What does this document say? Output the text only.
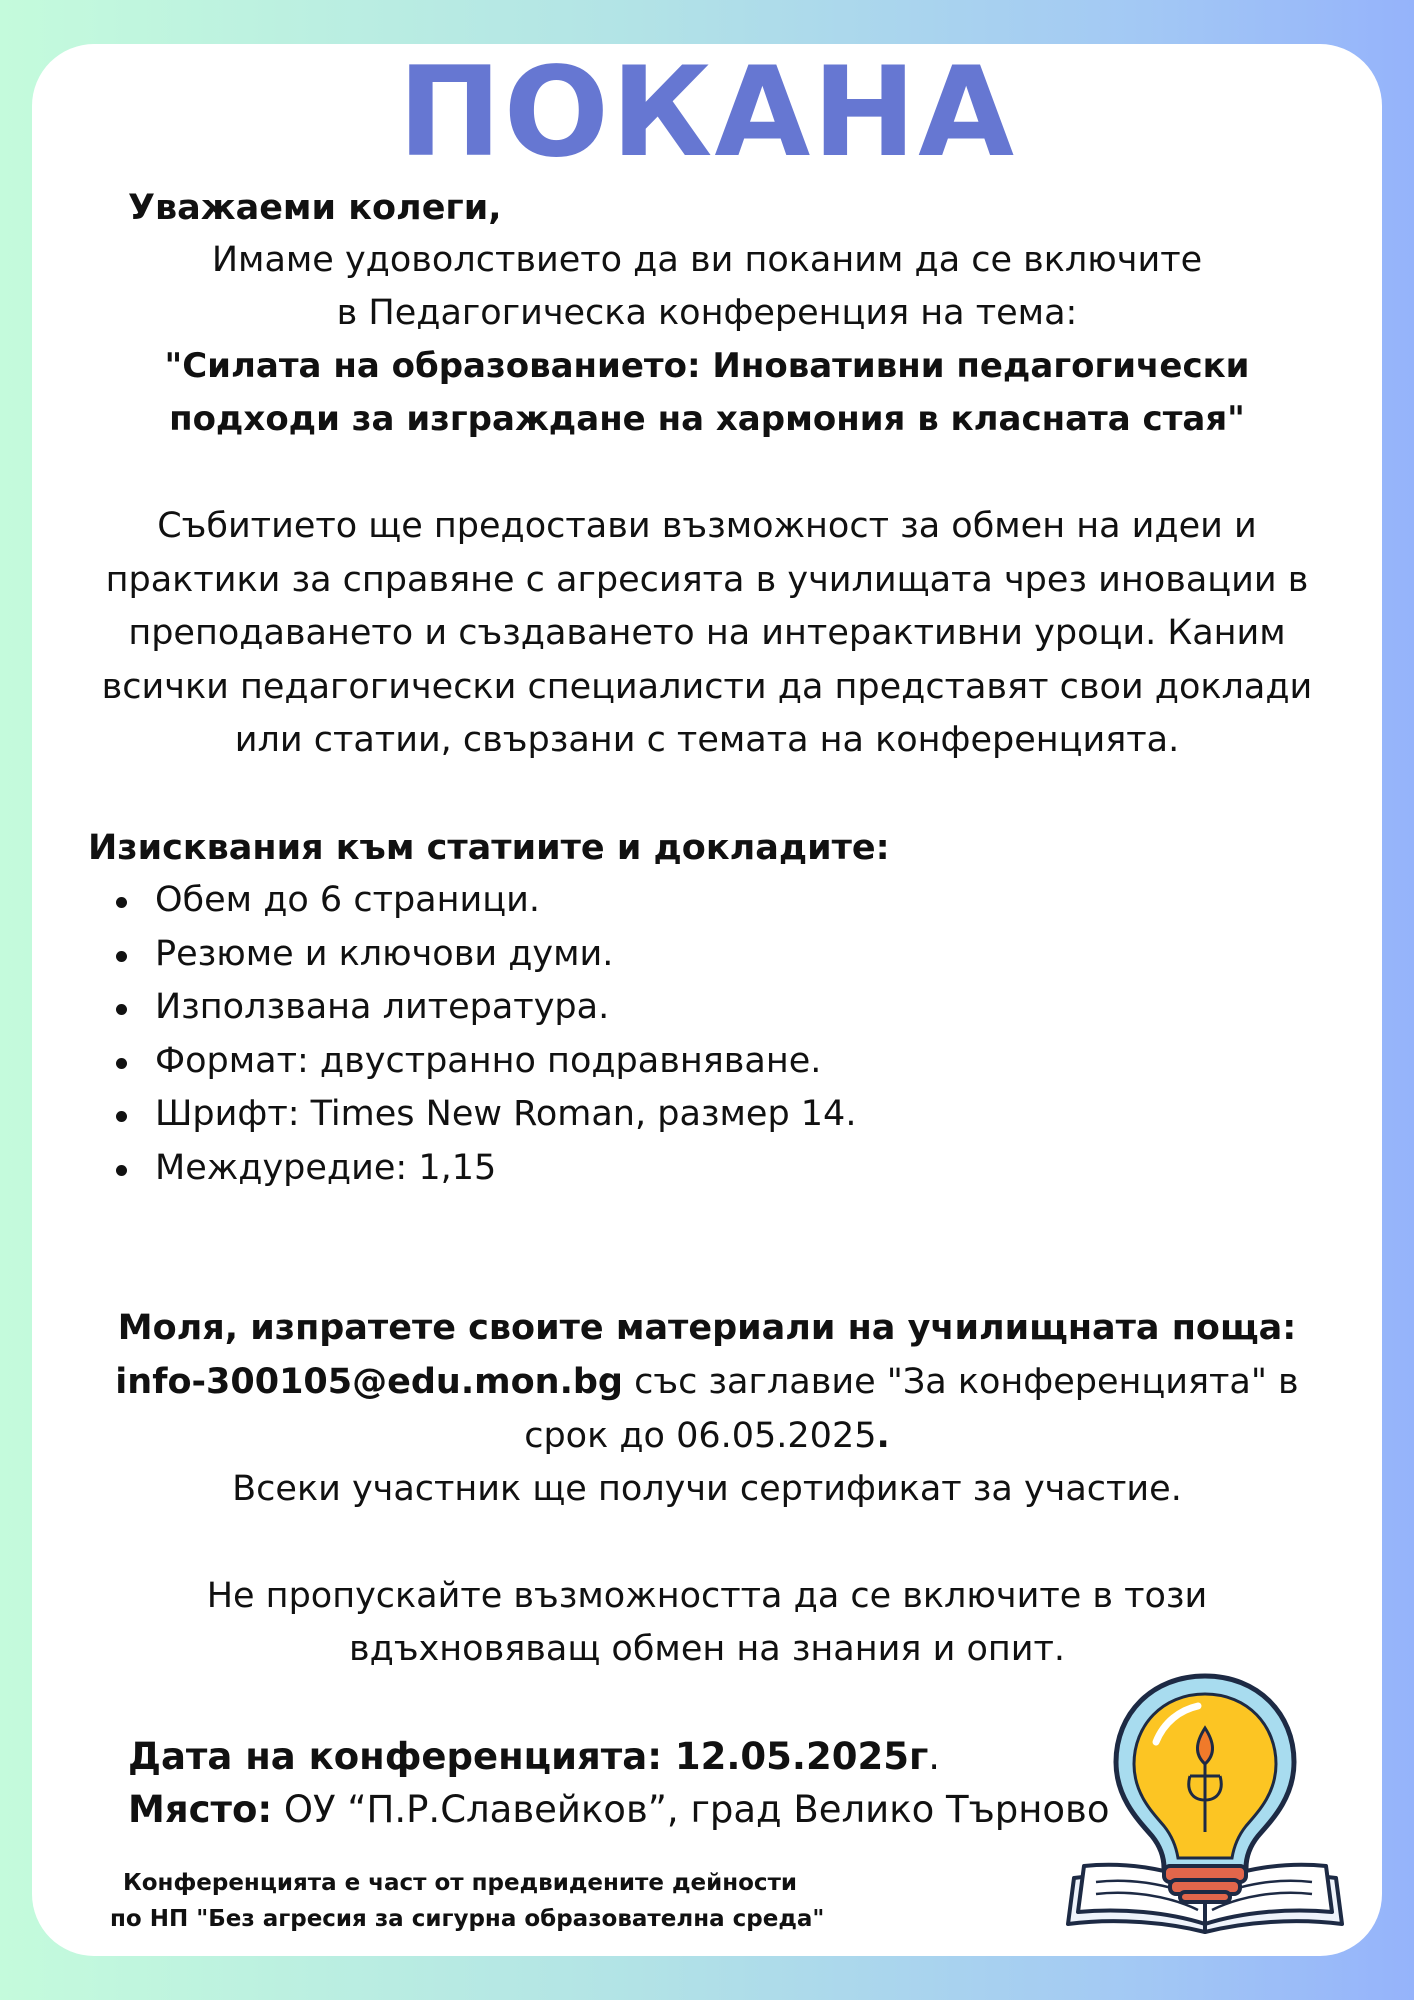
ПОКАНА
Уважаеми колеги,
Имаме удоволствието да ви поканим да се включите
в Педагогическа конференция на тема:
"Силата на образованието: Иновативни педагогически
подходи за изграждане на хармония в класната стая"
Събитието ще предостави възможност за обмен на идеи и
практики за справяне с агресията в училищата чрез иновации в
преподаването и създаването на интерактивни уроци. Каним
всички педагогически специалисти да представят свои доклади
или статии, свързани с темата на конференцията.
Изисквания към статиите и докладите:
Обем до 6 страници.
Резюме и ключови думи.
Използвана литература.
Формат: двустранно подравняване.
Шрифт: Times New Roman, размер 14.
Междуредие: 1,15
Моля, изпратете своите материали на училищната поща:
info-300105@edu.mon.bg със заглавие "За конференцията" в
срок до 06.05.2025.
Всеки участник ще получи сертификат за участие.
Не пропускайте възможността да се включите в този
вдъхновяващ обмен на знания и опит.
Дата на конференцията: 12.05.2025г.
Място: ОУ “П.Р.Славейков”, град Велико Търново
Конференцията е част от предвидените дейности
по НП "Без агресия за сигурна образователна среда"
